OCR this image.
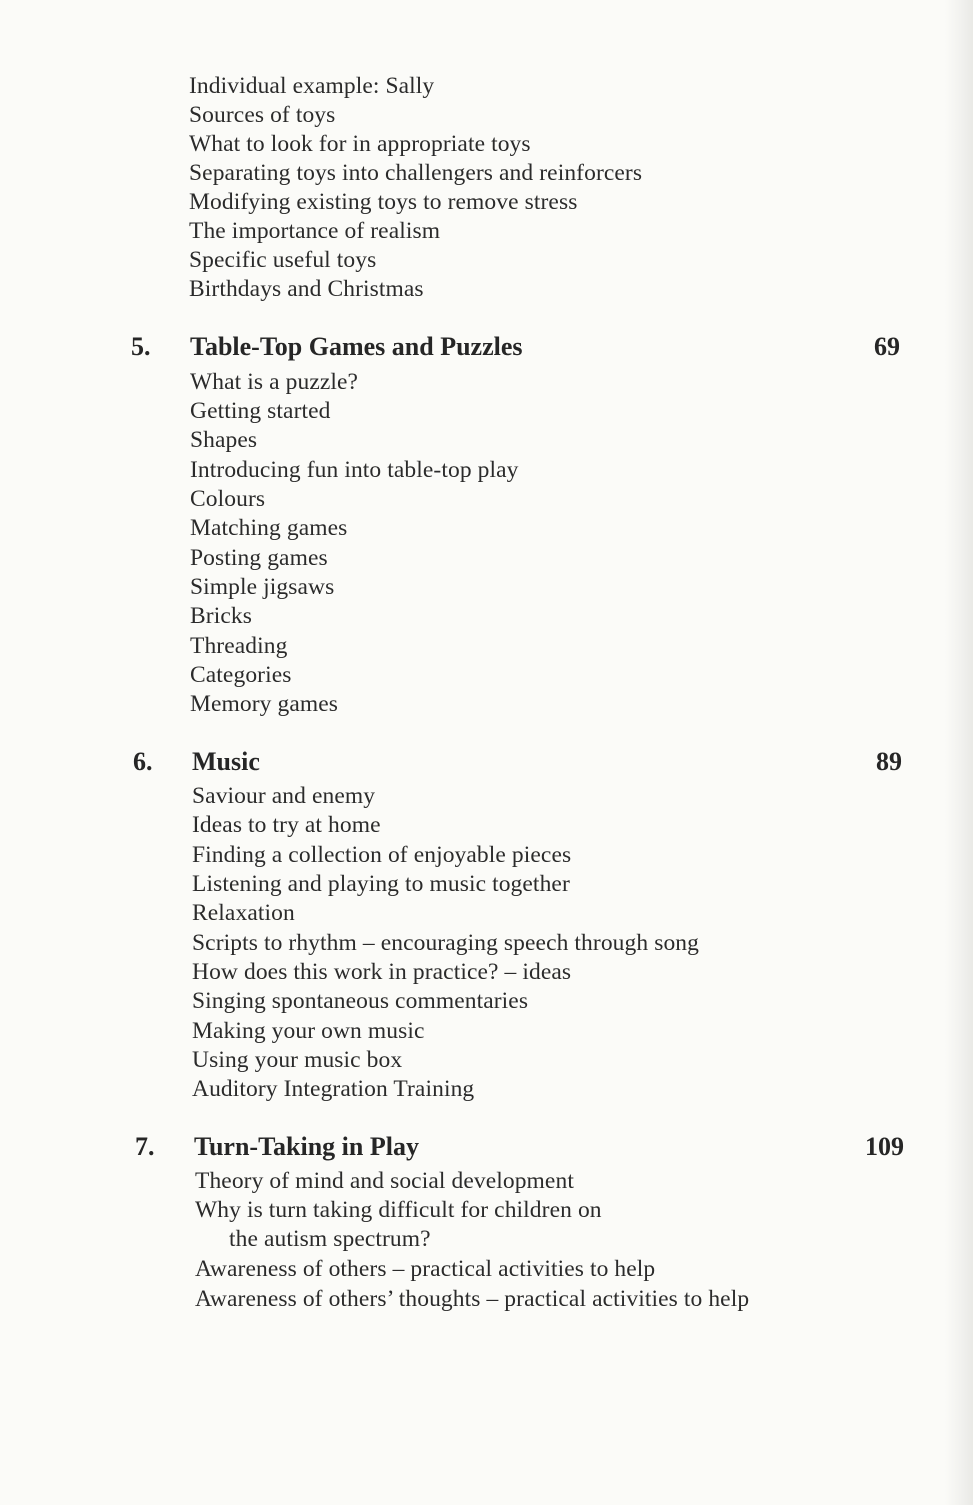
Individual example: Sally
Sources of toys
What to look for in appropriate toys
Separating toys into challengers and reinforcers
Modifying existing toys to remove stress
The importance of realism
Specific useful toys
Birthdays and Christmas
5. Table-Top Games and Puzzles	69
What is a puzzle?
Getting started
Shapes
Introducing fun into table-top play
Colours
Matching games
Posting games
Simple jigsaws
Bricks
Threading
Categories
Memory games
6. Music	89
Saviour and enemy
Ideas to try at home
Finding a collection of enjoyable pieces
Listening and playing to music together
Relaxation
Scripts to rhythm – encouraging speech through song
How does this work in practice? – ideas
Singing spontaneous commentaries
Making your own music
Using your music box
Auditory Integration Training
7. Turn-Taking in Play	109
Theory of mind and social development
Why is turn taking difficult for children on
the autism spectrum?
Awareness of others – practical activities to help
Awareness of others’ thoughts – practical activities to help
